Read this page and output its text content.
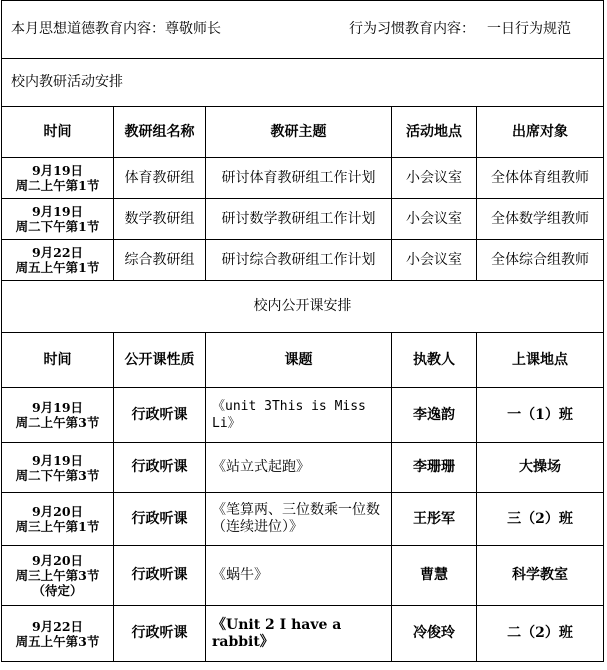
本月思想道德教育内容：尊敬师长 行为习惯教育内容： 一日行为规范				

校内教研活动安排				
时间	教研组名称	教研主题	活动地点	出席对象

9月19日
周二上午第1节	体育教研组	研讨体育教研组工作计划	小会议室	全体体育组教师

9月19日
周二下午第1节	数学教研组	研讨数学教研组工作计划	小会议室	全体数学组教师

9月22日
周五上午第1节	综合教研组	研讨综合教研组工作计划	小会议室	全体综合组教师
校内公开课安排				
时间	公开课性质	课题	执教人	上课地点

9月19日
周二上午第3节	行政听课	《unit 3This is Miss Li》	李逸韵	一（1）班

9月19日
周二下午第3节	行政听课	《站立式起跑》	李珊珊	大操场

9月20日
周三上午第1节	行政听课	《笔算两、三位数乘一位数（连续进位）》	王彤军	三（2）班

9月20日
周三上午第3节
（待定）	行政听课	《蜗牛》	曹慧	科学教室

9月22日
周五上午第3节	行政听课	《Unit 2 I have a rabbit》	冷俊玲	二（2）班
